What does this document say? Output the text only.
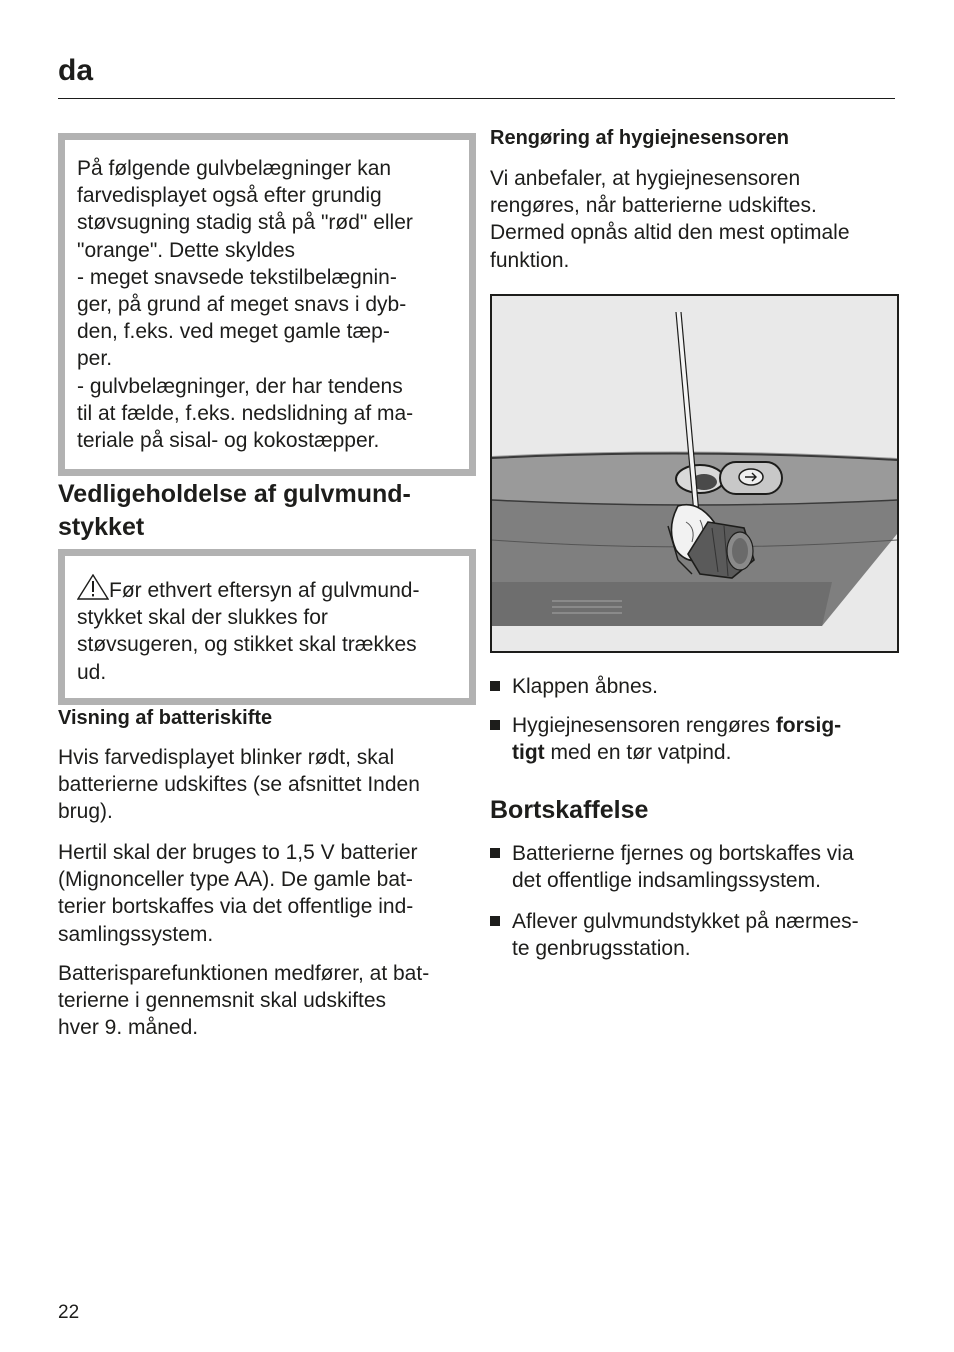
da

På følgende gulvbelægninger kan
farvedisplayet også efter grundig
støvsugning stadig stå på "rød" eller
"orange". Dette skyldes
- meget snavsede tekstilbelægnin-
ger, på grund af meget snavs i dyb-
den, f.eks. ved meget gamle tæp-
per.
- gulvbelægninger, der har tendens
til at fælde, f.eks. nedslidning af ma-
teriale på sisal- og kokostæpper.

Vedligeholdelse af gulvmund-
stykket

Før ethvert eftersyn af gulvmund-
stykket skal der slukkes for
støvsugeren, og stikket skal trækkes
ud.

Visning af batteriskifte

Hvis farvedisplayet blinker rødt, skal
batterierne udskiftes (se afsnittet Inden
brug).

Hertil skal der bruges to 1,5 V batterier
(Mignonceller type AA). De gamle bat-
terier bortskaffes via det offentlige ind-
samlingssystem.

Batterisparefunktionen medfører, at bat-
terierne i gennemsnit skal udskiftes
hver 9. måned.

Rengøring af hygiejnesensoren

Vi anbefaler, at hygiejnesensoren
rengøres, når batterierne udskiftes.
Dermed opnås altid den mest optimale
funktion.

Klappen åbnes.

Hygiejnesensoren rengøres forsig-
tigt med en tør vatpind.

Bortskaffelse

Batterierne fjernes og bortskaffes via
det offentlige indsamlingssystem.

Aflever gulvmundstykket på nærmes-
te genbrugsstation.

22
